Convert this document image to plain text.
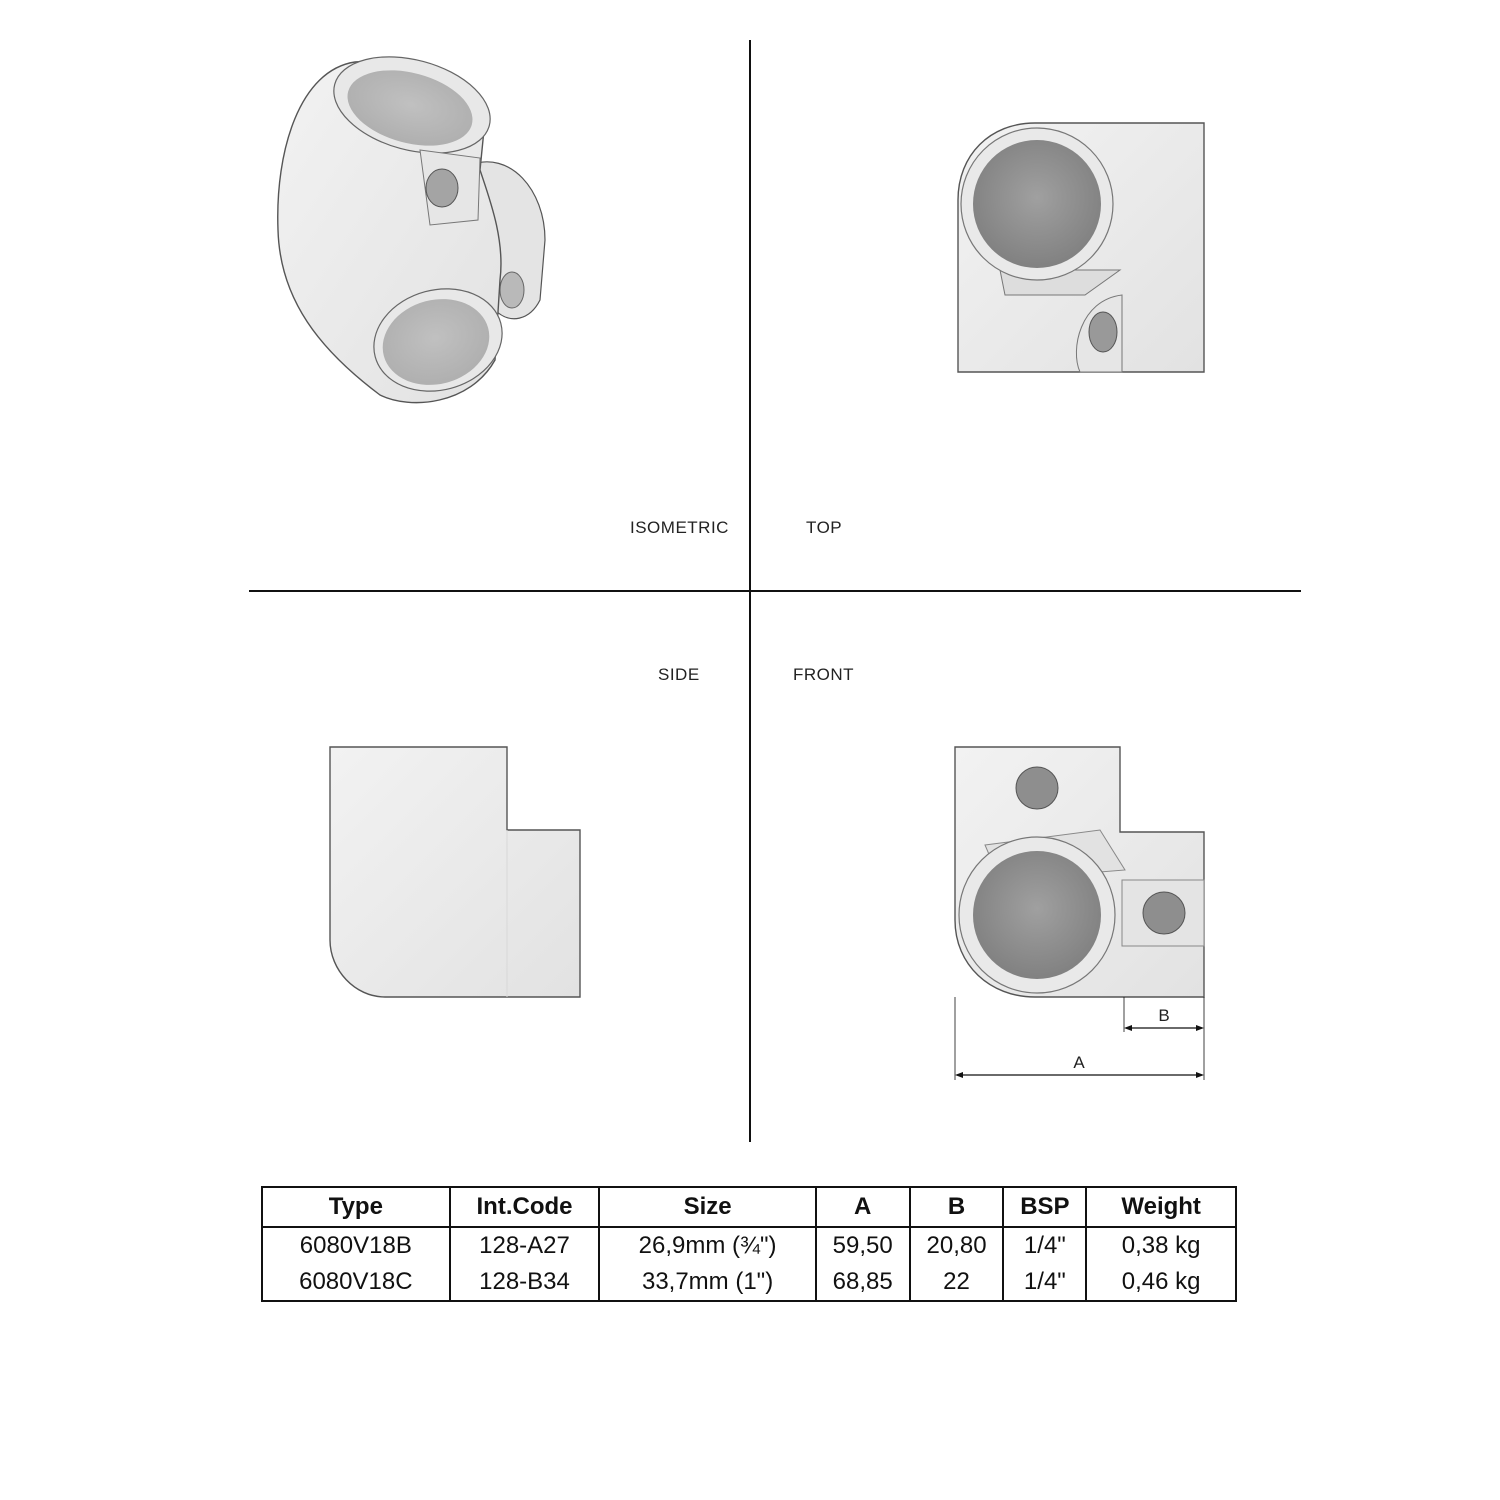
ISOMETRIC	TOP
SIDE	FRONT
B
A
Type	Int.Code	Size	A	B	BSP	Weight
6080V18B	128-A27	26,9mm (¾")	59,50	20,80	1/4"	0,38 kg
6080V18C	128-B34	33,7mm (1")	68,85	22	1/4"	0,46 kg
